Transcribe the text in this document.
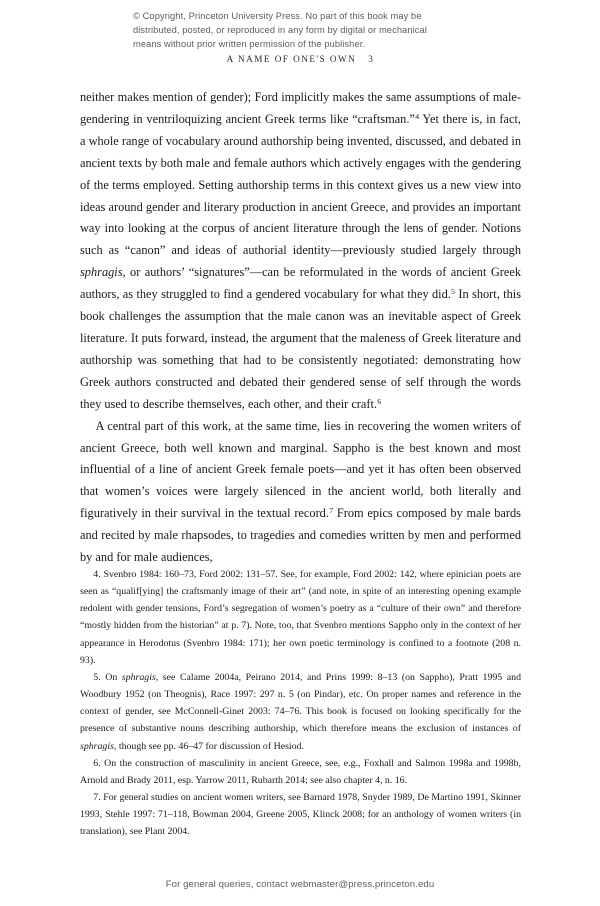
© Copyright, Princeton University Press. No part of this book may be
distributed, posted, or reproduced in any form by digital or mechanical
means without prior written permission of the publisher.
A NAME OF ONE'S OWN 3

neither makes mention of gender); Ford implicitly makes the same assumptions of male-gendering in ventriloquizing ancient Greek terms like “craftsman.”$^4$ Yet there is, in fact, a whole range of vocabulary around authorship being invented, discussed, and debated in ancient texts by both male and female authors which actively engages with the gendering of the terms employed. Setting authorship terms in this context gives us a new view into ideas around gender and literary production in ancient Greece, and provides an important way into looking at the corpus of ancient literature through the lens of gender. Notions such as “canon” and ideas of authorial identity—previously studied largely through sphragis, or authors’ “signatures”—can be reformulated in the words of ancient Greek authors, as they struggled to find a gendered vocabulary for what they did.$^5$ In short, this book challenges the assumption that the male canon was an inevitable aspect of Greek literature. It puts forward, instead, the argument that the maleness of Greek literature and authorship was something that had to be consistently negotiated: demonstrating how Greek authors constructed and debated their gendered sense of self through the words they used to describe themselves, each other, and their craft.$^6$

A central part of this work, at the same time, lies in recovering the women writers of ancient Greece, both well known and marginal. Sappho is the best known and most influential of a line of ancient Greek female poets—and yet it has often been observed that women’s voices were largely silenced in the ancient world, both literally and figuratively in their survival in the textual record.$^7$ From epics composed by male bards and recited by male rhapsodes, to tragedies and comedies written by men and performed by and for male audiences,

4. Svenbro 1984: 160–73, Ford 2002: 131–57. See, for example, Ford 2002: 142, where epinician poets are seen as “qualif[ying] the craftsmanly image of their art” (and note, in spite of an interesting opening example redolent with gender tensions, Ford’s segregation of women’s poetry as a “culture of their own” and therefore “mostly hidden from the historian” at p. 7). Note, too, that Svenbro mentions Sappho only in the context of her appearance in Herodotus (Svenbro 1984: 171); her own poetic terminology is confined to a footnote (208 n. 93).

5. On sphragis, see Calame 2004a, Peirano 2014, and Prins 1999: 8–13 (on Sappho), Pratt 1995 and Woodbury 1952 (on Theognis), Race 1997: 297 n. 5 (on Pindar), etc. On proper names and reference in the context of gender, see McConnell-Ginet 2003: 74–76. This book is focused on looking specifically for the presence of substantive nouns describing authorship, which therefore means the exclusion of instances of sphragis, though see pp. 46–47 for discussion of Hesiod.

6. On the construction of masculinity in ancient Greece, see, e.g., Foxhall and Salmon 1998a and 1998b, Arnold and Brady 2011, esp. Yarrow 2011, Rubarth 2014; see also chapter 4, n. 16.

7. For general studies on ancient women writers, see Barnard 1978, Snyder 1989, De Martino 1991, Skinner 1993, Stehle 1997: 71–118, Bowman 2004, Greene 2005, Klinck 2008; for an anthology of women writers (in translation), see Plant 2004.

For general queries, contact webmaster@press.princeton.edu
